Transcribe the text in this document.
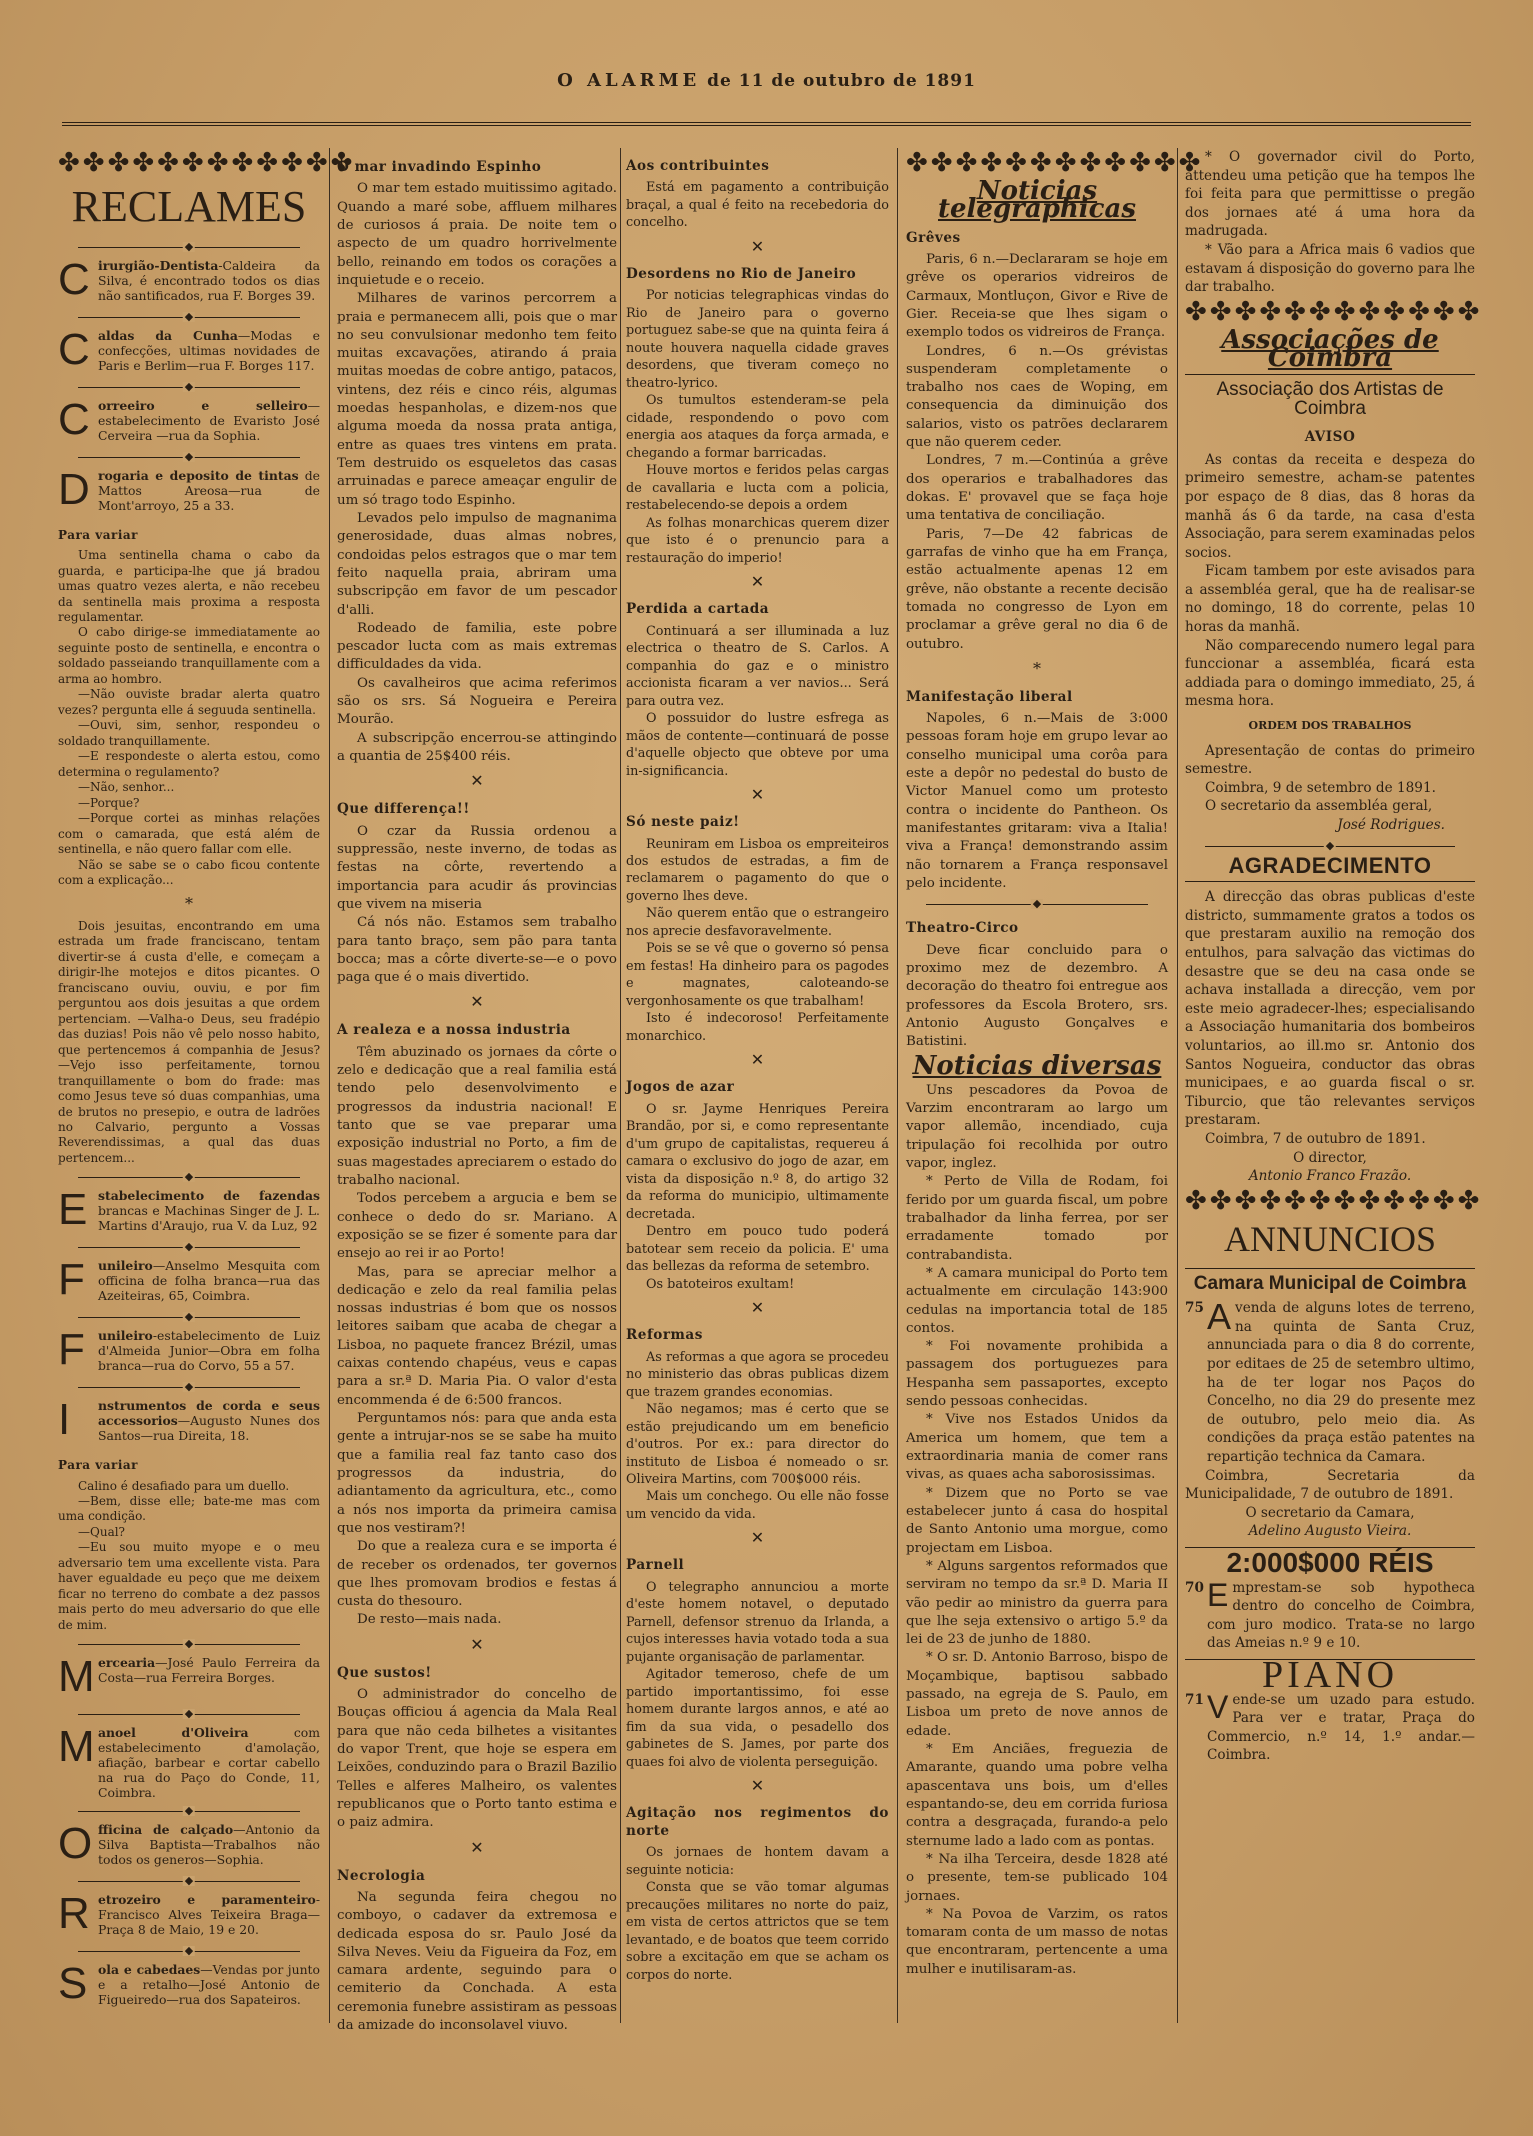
O ALARME de 11 de outubro de 1891
✤✤✤✤✤✤✤✤✤✤✤✤
RECLAMES
◆
C irurgião-Dentista-Caldeira da Silva, é encontrado todos os dias não santificados, rua F. Borges 39.
◆
C aldas da Cunha—Modas e confecções, ultimas novidades de Paris e Berlim—rua F. Borges 117.
◆
C orreeiro e selleiro—estabelecimento de Evaristo José Cerveira —rua da Sophia.
◆
D rogaria e deposito de tintas de Mattos Areosa—rua de Mont'arroyo, 25 a 33.
Para variar

Uma sentinella chama o cabo da guarda, e participa-lhe que já bradou umas quatro vezes alerta, e não recebeu da sentinella mais proxima a resposta regulamentar.

O cabo dirige-se immediatamente ao seguinte posto de sentinella, e encontra o soldado passeiando tranquillamente com a arma ao hombro.

—Não ouviste bradar alerta quatro vezes? pergunta elle á seguuda sentinella.

—Ouvi, sim, senhor, respondeu o soldado tranquillamente.

—E respondeste o alerta estou, como determina o regulamento?

—Não, senhor...

—Porque?

—Porque cortei as minhas relações com o camarada, que está além de sentinella, e não quero fallar com elle.

Não se sabe se o cabo ficou contente com a explicação...

*

Dois jesuitas, encontrando em uma estrada um frade franciscano, tentam divertir-se á custa d'elle, e começam a dirigir-lhe motejos e ditos picantes. O franciscano ouviu, ouviu, e por fim perguntou aos dois jesuitas a que ordem pertenciam. —Valha-o Deus, seu fradépio das duzias! Pois não vê pelo nosso habito, que pertencemos á companhia de Jesus? —Vejo isso perfeitamente, tornou tranquillamente o bom do frade: mas como Jesus teve só duas companhias, uma de brutos no presepio, e outra de ladrões no Calvario, pergunto a Vossas Reverendissimas, a qual das duas pertencem...

◆
E stabelecimento de fazendas brancas e Machinas Singer de J. L. Martins d'Araujo, rua V. da Luz, 92
◆
F unileiro—Anselmo Mesquita com officina de folha branca—rua das Azeiteiras, 65, Coimbra.
◆
F unileiro-estabelecimento de Luiz d'Almeida Junior—Obra em folha branca—rua do Corvo, 55 a 57.
◆
I nstrumentos de corda e seus accessorios—Augusto Nunes dos Santos—rua Direita, 18.
Para variar

Calino é desafiado para um duello.

—Bem, disse elle; bate-me mas com uma condição.

—Qual?

—Eu sou muito myope e o meu adversario tem uma excellente vista. Para haver egualdade eu peço que me deixem ficar no terreno do combate a dez passos mais perto do meu adversario do que elle de mim.

◆
M ercearia—José Paulo Ferreira da Costa—rua Ferreira Borges.
◆
M anoel d'Oliveira com estabelecimento d'amolação, afiação, barbear e cortar cabello na rua do Paço do Conde, 11, Coimbra.
◆
O fficina de calçado—Antonio da Silva Baptista—Trabalhos não todos os generos—Sophia.
◆
R etrozeiro e paramenteiro-Francisco Alves Teixeira Braga—Praça 8 de Maio, 19 e 20.
◆
S ola e cabedaes—Vendas por junto e a retalho—José Antonio de Figueiredo—rua dos Sapateiros.
O mar invadindo Espinho

O mar tem estado muitissimo agitado. Quando a maré sobe, affluem milhares de curiosos á praia. De noite tem o aspecto de um quadro horrivelmente bello, reinando em todos os corações a inquietude e o receio.

Milhares de varinos percorrem a praia e permanecem alli, pois que o mar no seu convulsionar medonho tem feito muitas excavações, atirando á praia muitas moedas de cobre antigo, patacos, vintens, dez réis e cinco réis, algumas moedas hespanholas, e dizem-nos que alguma moeda da nossa prata antiga, entre as quaes tres vintens em prata. Tem destruido os esqueletos das casas arruinadas e parece ameaçar engulir de um só trago todo Espinho.

Levados pelo impulso de magnanima generosidade, duas almas nobres, condoidas pelos estragos que o mar tem feito naquella praia, abriram uma subscripção em favor de um pescador d'alli.

Rodeado de familia, este pobre pescador lucta com as mais extremas difficuldades da vida.

Os cavalheiros que acima referimos são os srs. Sá Nogueira e Pereira Mourão.

A subscripção encerrou-se attingindo a quantia de 25$400 réis.

✕
Que differença!!

O czar da Russia ordenou a suppressão, neste inverno, de todas as festas na côrte, revertendo a importancia para acudir ás provincias que vivem na miseria

Cá nós não. Estamos sem trabalho para tanto braço, sem pão para tanta bocca; mas a côrte diverte-se—e o povo paga que é o mais divertido.

✕
A realeza e a nossa industria

Têm abuzinado os jornaes da côrte o zelo e dedicação que a real familia está tendo pelo desenvolvimento e progressos da industria nacional! E tanto que se vae preparar uma exposição industrial no Porto, a fim de suas magestades apreciarem o estado do trabalho nacional.

Todos percebem a argucia e bem se conhece o dedo do sr. Mariano. A exposição se se fizer é somente para dar ensejo ao rei ir ao Porto!

Mas, para se apreciar melhor a dedicação e zelo da real familia pelas nossas industrias é bom que os nossos leitores saibam que acaba de chegar a Lisboa, no paquete francez Brézil, umas caixas contendo chapéus, veus e capas para a sr.ª D. Maria Pia. O valor d'esta encommenda é de 6:500 francos.

Perguntamos nós: para que anda esta gente a intrujar-nos se se sabe ha muito que a familia real faz tanto caso dos progressos da industria, do adiantamento da agricultura, etc., como a nós nos importa da primeira camisa que nos vestiram?!

Do que a realeza cura e se importa é de receber os ordenados, ter governos que lhes promovam brodios e festas á custa do thesouro.

De resto—mais nada.

✕
Que sustos!

O administrador do concelho de Bouças officiou á agencia da Mala Real para que não ceda bilhetes a visitantes do vapor Trent, que hoje se espera em Leixões, conduzindo para o Brazil Bazilio Telles e alferes Malheiro, os valentes republicanos que o Porto tanto estima e o paiz admira.

✕
Necrologia

Na segunda feira chegou no comboyo, o cadaver da extremosa e dedicada esposa do sr. Paulo José da Silva Neves. Veiu da Figueira da Foz, em camara ardente, seguindo para o cemiterio da Conchada. A esta ceremonia funebre assistiram as pessoas da amizade do inconsolavel viuvo.

Aos contribuintes

Está em pagamento a contribuição braçal, a qual é feito na recebedoria do concelho.

✕
Desordens no Rio de Janeiro

Por noticias telegraphicas vindas do Rio de Janeiro para o governo portuguez sabe-se que na quinta feira á noute houvera naquella cidade graves desordens, que tiveram começo no theatro-lyrico.

Os tumultos estenderam-se pela cidade, respondendo o povo com energia aos ataques da força armada, e chegando a formar barricadas.

Houve mortos e feridos pelas cargas de cavallaria e lucta com a policia, restabelecendo-se depois a ordem

As folhas monarchicas querem dizer que isto é o prenuncio para a restauração do imperio!

✕
Perdida a cartada

Continuará a ser illuminada a luz electrica o theatro de S. Carlos. A companhia do gaz e o ministro accionista ficaram a ver navios... Será para outra vez.

O possuidor do lustre esfrega as mãos de contente—continuará de posse d'aquelle objecto que obteve por uma in-significancia.

✕
Só neste paiz!

Reuniram em Lisboa os empreiteiros dos estudos de estradas, a fim de reclamarem o pagamento do que o governo lhes deve.

Não querem então que o estrangeiro nos aprecie desfavoravelmente.

Pois se se vê que o governo só pensa em festas! Ha dinheiro para os pagodes e magnates, caloteando-se vergonhosamente os que trabalham!

Isto é indecoroso! Perfeitamente monarchico.

✕
Jogos de azar

O sr. Jayme Henriques Pereira Brandão, por si, e como representante d'um grupo de capitalistas, requereu á camara o exclusivo do jogo de azar, em vista da disposição n.º 8, do artigo 32 da reforma do municipio, ultimamente decretada.

Dentro em pouco tudo poderá batotear sem receio da policia. E' uma das bellezas da reforma de setembro.

Os batoteiros exultam!

✕
Reformas

As reformas a que agora se procedeu no ministerio das obras publicas dizem que trazem grandes economias.

Não negamos; mas é certo que se estão prejudicando um em beneficio d'outros. Por ex.: para director do instituto de Lisboa é nomeado o sr. Oliveira Martins, com 700$000 réis.

Mais um conchego. Ou elle não fosse um vencido da vida.

✕
Parnell

O telegrapho annunciou a morte d'este homem notavel, o deputado Parnell, defensor strenuo da Irlanda, a cujos interesses havia votado toda a sua pujante organisação de parlamentar.

Agitador temeroso, chefe de um partido importantissimo, foi esse homem durante largos annos, e até ao fim da sua vida, o pesadello dos gabinetes de S. James, por parte dos quaes foi alvo de violenta perseguição.

✕
Agitação nos regimentos do norte

Os jornaes de hontem davam a seguinte noticia:

Consta que se vão tomar algumas precauções militares no norte do paiz, em vista de certos attrictos que se tem levantado, e de boatos que teem corrido sobre a excitação em que se acham os corpos do norte.

✤✤✤✤✤✤✤✤✤✤✤✤
Noticias telegraphicas
Grêves

Paris, 6 n.—Declararam se hoje em grêve os operarios vidreiros de Carmaux, Montluçon, Givor e Rive de Gier. Receia-se que lhes sigam o exemplo todos os vidreiros de França.

Londres, 6 n.—Os grévistas suspenderam completamente o trabalho nos caes de Woping, em consequencia da diminuição dos salarios, visto os patrões declararem que não querem ceder.

Londres, 7 m.—Continúa a grêve dos operarios e trabalhadores das dokas. E' provavel que se faça hoje uma tentativa de conciliação.

Paris, 7—De 42 fabricas de garrafas de vinho que ha em França, estão actualmente apenas 12 em grêve, não obstante a recente decisão tomada no congresso de Lyon em proclamar a grêve geral no dia 6 de outubro.

*
Manifestação liberal

Napoles, 6 n.—Mais de 3:000 pessoas foram hoje em grupo levar ao conselho municipal uma corôa para este a depôr no pedestal do busto de Victor Manuel como um protesto contra o incidente do Pantheon. Os manifestantes gritaram: viva a Italia! viva a França! demonstrando assim não tornarem a França responsavel pelo incidente.

◆
Theatro-Circo

Deve ficar concluido para o proximo mez de dezembro. A decoração do theatro foi entregue aos professores da Escola Brotero, srs. Antonio Augusto Gonçalves e Batistini.

Noticias diversas

Uns pescadores da Povoa de Varzim encontraram ao largo um vapor allemão, incendiado, cuja tripulação foi recolhida por outro vapor, inglez.

* Perto de Villa de Rodam, foi ferido por um guarda fiscal, um pobre trabalhador da linha ferrea, por ser erradamente tomado por contrabandista.

* A camara municipal do Porto tem actualmente em circulação 143:900 cedulas na importancia total de 185 contos.

* Foi novamente prohibida a passagem dos portuguezes para Hespanha sem passaportes, excepto sendo pessoas conhecidas.

* Vive nos Estados Unidos da America um homem, que tem a extraordinaria mania de comer rans vivas, as quaes acha saborosissimas.

* Dizem que no Porto se vae estabelecer junto á casa do hospital de Santo Antonio uma morgue, como projectam em Lisboa.

* Alguns sargentos reformados que serviram no tempo da sr.ª D. Maria II vão pedir ao ministro da guerra para que lhe seja extensivo o artigo 5.º da lei de 23 de junho de 1880.

* O sr. D. Antonio Barroso, bispo de Moçambique, baptisou sabbado passado, na egreja de S. Paulo, em Lisboa um preto de nove annos de edade.

* Em Anciães, freguezia de Amarante, quando uma pobre velha apascentava uns bois, um d'elles espantando-se, deu em corrida furiosa contra a desgraçada, furando-a pelo sternume lado a lado com as pontas.

* Na ilha Terceira, desde 1828 até o presente, tem-se publicado 104 jornaes.

* Na Povoa de Varzim, os ratos tomaram conta de um masso de notas que encontraram, pertencente a uma mulher e inutilisaram-as.

* O governador civil do Porto, attendeu uma petição que ha tempos lhe foi feita para que permittisse o pregão dos jornaes até á uma hora da madrugada.

* Vão para a Africa mais 6 vadios que estavam á disposição do governo para lhe dar trabalho.

✤✤✤✤✤✤✤✤✤✤✤✤
Associações de Coimbra
Associação dos Artistas de Coimbra
AVISO

As contas da receita e despeza do primeiro semestre, acham-se patentes por espaço de 8 dias, das 8 horas da manhã ás 6 da tarde, na casa d'esta Associação, para serem examinadas pelos socios.

Ficam tambem por este avisados para a assembléa geral, que ha de realisar-se no domingo, 18 do corrente, pelas 10 horas da manhã.

Não comparecendo numero legal para funccionar a assembléa, ficará esta addiada para o domingo immediato, 25, á mesma hora.

ORDEM DOS TRABALHOS

Apresentação de contas do primeiro semestre.

Coimbra, 9 de setembro de 1891.

O secretario da assembléa geral,

José Rodrigues.
◆
AGRADECIMENTO

A direcção das obras publicas d'este districto, summamente gratos a todos os que prestaram auxilio na remoção dos entulhos, para salvação das victimas do desastre que se deu na casa onde se achava installada a direcção, vem por este meio agradecer-lhes; especialisando a Associação humanitaria dos bombeiros voluntarios, ao ill.mo sr. Antonio dos Santos Nogueira, conductor das obras municipaes, e ao guarda fiscal o sr. Tiburcio, que tão relevantes serviços prestaram.

Coimbra, 7 de outubro de 1891.

O director,
Antonio Franco Frazão.
✤✤✤✤✤✤✤✤✤✤✤✤
ANNUNCIOS
Camara Municipal de Coimbra
75 A venda de alguns lotes de terreno, na quinta de Santa Cruz, annunciada para o dia 8 do corrente, por editaes de 25 de setembro ultimo, ha de ter logar nos Paços do Concelho, no dia 29 do presente mez de outubro, pelo meio dia. As condições da praça estão patentes na repartição technica da Camara.

Coimbra, Secretaria da Municipalidade, 7 de outubro de 1891.

O secretario da Camara,
Adelino Augusto Vieira.
2:000$000 RÉIS
70 E mprestam-se sob hypotheca dentro do concelho de Coimbra, com juro modico. Trata-se no largo das Ameias n.º 9 e 10.
PIANO
71 V ende-se um uzado para estudo. Para ver e tratar, Praça do Commercio, n.º 14, 1.º andar.—Coimbra.
